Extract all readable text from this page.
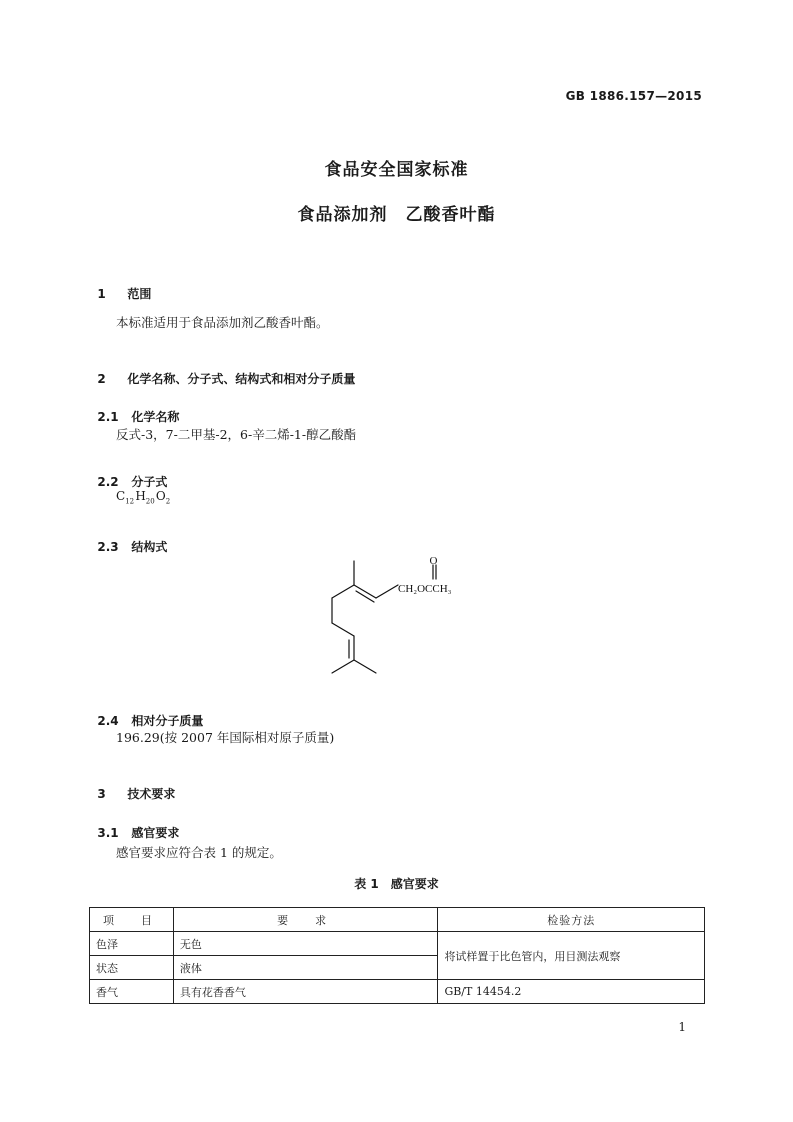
GB 1886.157—2015
食品安全国家标准
食品添加剂　乙酸香叶酯

1 范围

本标准适用于食品添加剂乙酸香叶酯。

2 化学名称、分子式、结构式和相对分子质量

2.1 化学名称

反式-3，7-二甲基-2，6-辛二烯-1-醇乙酸酯

2.2 分子式

$C_{12}$ $H_{20}$ $O_2$

2.3 结构式

O
CH₂OCCH₃

2.4 相对分子质量

196.29(按 2007 年国际相对原子质量)

3 技术要求

3.1 感官要求

感官要求应符合表 1 的规定。
表 1　感官要求
项　目	要　求	检验方法
色泽	无色	将试样置于比色管内，用目测法观察
状态	液体	
香气	具有花香香气	GB/T 14454.2
1
